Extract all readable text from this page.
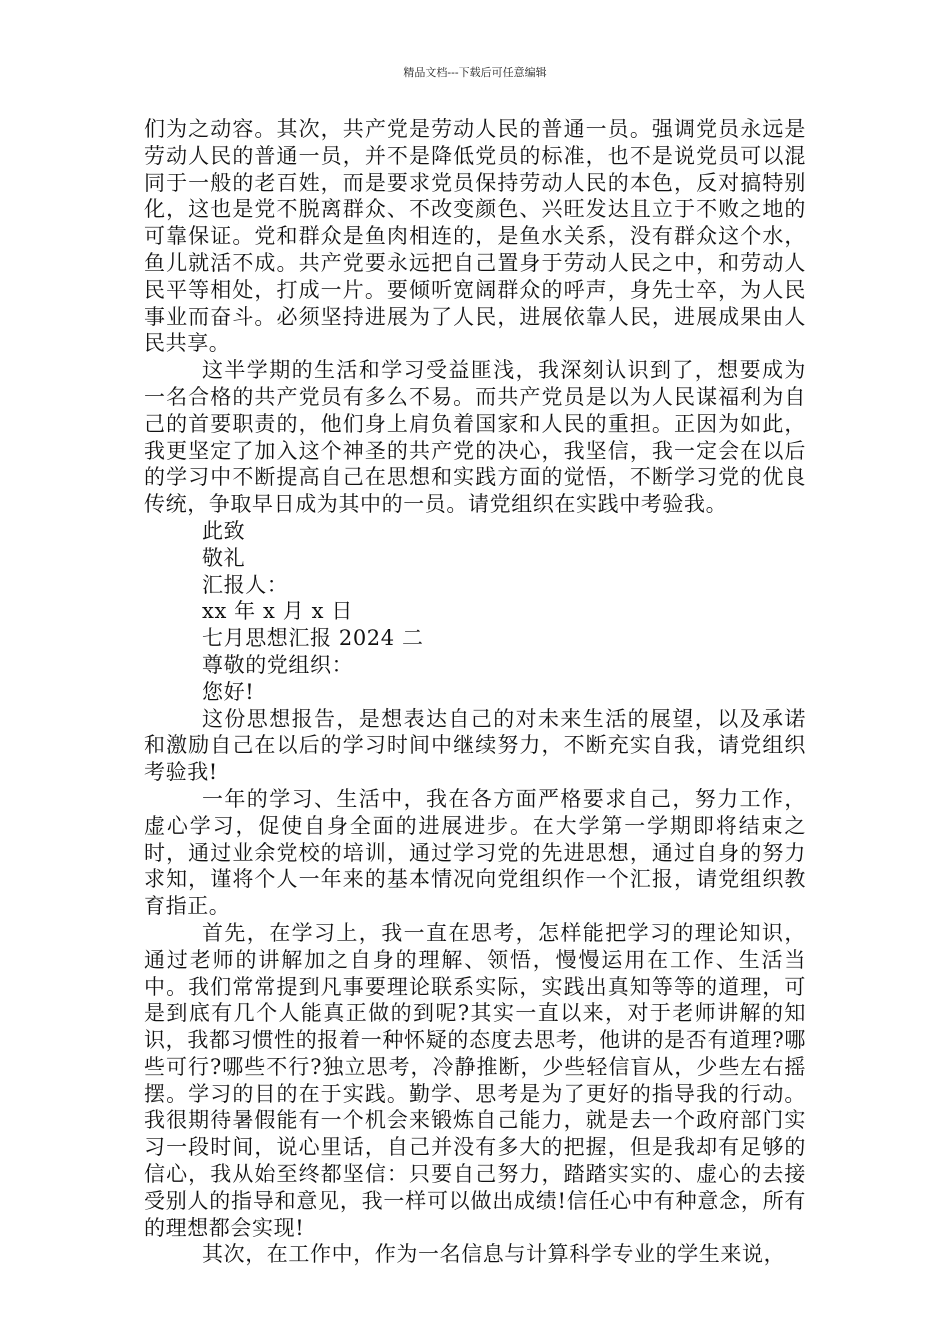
精品文档---下载后可任意编辑

们为之动容。其次，共产党是劳动人民的普通一员。强调党员永远是劳动人民的普通一员，并不是降低党员的标准，也不是说党员可以混同于一般的老百姓，而是要求党员保持劳动人民的本色，反对搞特别化，这也是党不脱离群众、不改变颜色、兴旺发达且立于不败之地的可靠保证。党和群众是鱼肉相连的，是鱼水关系，没有群众这个水，鱼儿就活不成。共产党要永远把自己置身于劳动人民之中，和劳动人民平等相处，打成一片。要倾听宽阔群众的呼声，身先士卒，为人民事业而奋斗。必须坚持进展为了人民，进展依靠人民，进展成果由人民共享。

这半学期的生活和学习受益匪浅，我深刻认识到了，想要成为一名合格的共产党员有多么不易。而共产党员是以为人民谋福利为自己的首要职责的，他们身上肩负着国家和人民的重担。正因为如此，我更坚定了加入这个神圣的共产党的决心，我坚信，我一定会在以后的学习中不断提高自己在思想和实践方面的觉悟，不断学习党的优良传统，争取早日成为其中的一员。请党组织在实践中考验我。

此致

敬礼

汇报人：

xx 年 x 月 x 日

七月思想汇报 2024 二

尊敬的党组织：

您好!

这份思想报告，是想表达自己的对未来生活的展望，以及承诺和激励自己在以后的学习时间中继续努力，不断充实自我，请党组织考验我!

一年的学习、生活中，我在各方面严格要求自己，努力工作，虚心学习，促使自身全面的进展进步。在大学第一学期即将结束之时，通过业余党校的培训，通过学习党的先进思想，通过自身的努力求知，谨将个人一年来的基本情况向党组织作一个汇报，请党组织教育指正。

首先，在学习上，我一直在思考，怎样能把学习的理论知识，通过老师的讲解加之自身的理解、领悟，慢慢运用在工作、生活当中。我们常常提到凡事要理论联系实际，实践出真知等等的道理，可是到底有几个人能真正做的到呢?其实一直以来，对于老师讲解的知识，我都习惯性的报着一种怀疑的态度去思考，他讲的是否有道理?哪些可行?哪些不行?独立思考，冷静推断，少些轻信盲从，少些左右摇摆。学习的目的在于实践。勤学、思考是为了更好的指导我的行动。我很期待暑假能有一个机会来锻炼自己能力，就是去一个政府部门实习一段时间，说心里话，自己并没有多大的把握，但是我却有足够的信心，我从始至终都坚信：只要自己努力，踏踏实实的、虚心的去接受别人的指导和意见，我一样可以做出成绩!信任心中有种意念，所有的理想都会实现!

其次，在工作中，作为一名信息与计算科学专业的学生来说，
